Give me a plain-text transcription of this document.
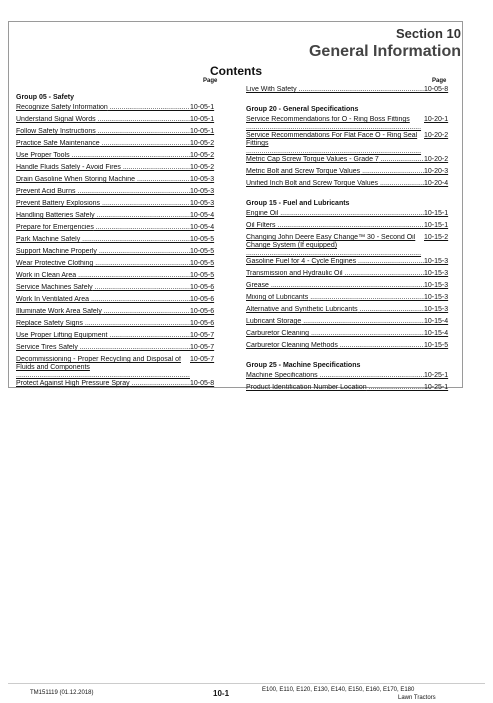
Section 10
General Information
Contents
Page	Page
Group 05 - Safety
Recognize Safety Information .....	10-05-1
Understand Signal Words .....	10-05-1
Follow Safety Instructions .....	10-05-1
Practice Safe Maintenance .....	10-05-2
Use Proper Tools .....	10-05-2
Handle Fluids Safely - Avoid Fires .....	10-05-2
Drain Gasoline When Storing Machine .....	10-05-3
Prevent Acid Burns .....	10-05-3
Prevent Battery Explosions .....	10-05-3
Handling Batteries Safely .....	10-05-4
Prepare for Emergencies .....	10-05-4
Park Machine Safely .....	10-05-5
Support Machine Properly .....	10-05-5
Wear Protective Clothing .....	10-05-5
Work in Clean Area .....	10-05-5
Service Machines Safely .....	10-05-6
Work In Ventilated Area .....	10-05-6
Illuminate Work Area Safely .....	10-05-6
Replace Safety Signs .....	10-05-6
Use Proper Lifting Equipment .....	10-05-7
Service Tires Safely .....	10-05-7
Decommissioning - Proper Recycling and Disposal of Fluids and Components .....
10-05-7
Protect Against High Pressure Spray .....	10-05-8
Live With Safety .....	10-05-8
Group 20 - General Specifications
Service Recommendations for O - Ring Boss Fittings .....	10-20-1
Service Recommendations For Flat Face O - Ring Seal Fittings .....
10-20-2
Metric Cap Screw Torque Values - Grade 7 .....	10-20-2
Metric Bolt and Screw Torque Values .....	10-20-3
Unified Inch Bolt and Screw Torque Values .....	10-20-4
Group 15 - Fuel and Lubricants
Engine Oil .....	10-15-1
Oil Filters .....	10-15-1
Changing John Deere Easy Change™ 30 - Second Oil Change System (If equipped) .....
10-15-2
Gasoline Fuel for 4 - Cycle Engines .....	10-15-3
Transmission and Hydraulic Oil .....	10-15-3
Grease .....	10-15-3
Mixing of Lubricants .....	10-15-3
Alternative and Synthetic Lubricants .....	10-15-3
Lubricant Storage .....	10-15-4
Carburetor Cleaning .....	10-15-4
Carburetor Cleaning Methods .....	10-15-5
Group 25 - Machine Specifications
Machine Specifications .....	10-25-1
Product Identification Number Location .....	10-25-1
TM151119 (01.12.2018)	10-1	E100, E110, E120, E130, E140, E150, E160, E170, E180
Lawn Tractors
